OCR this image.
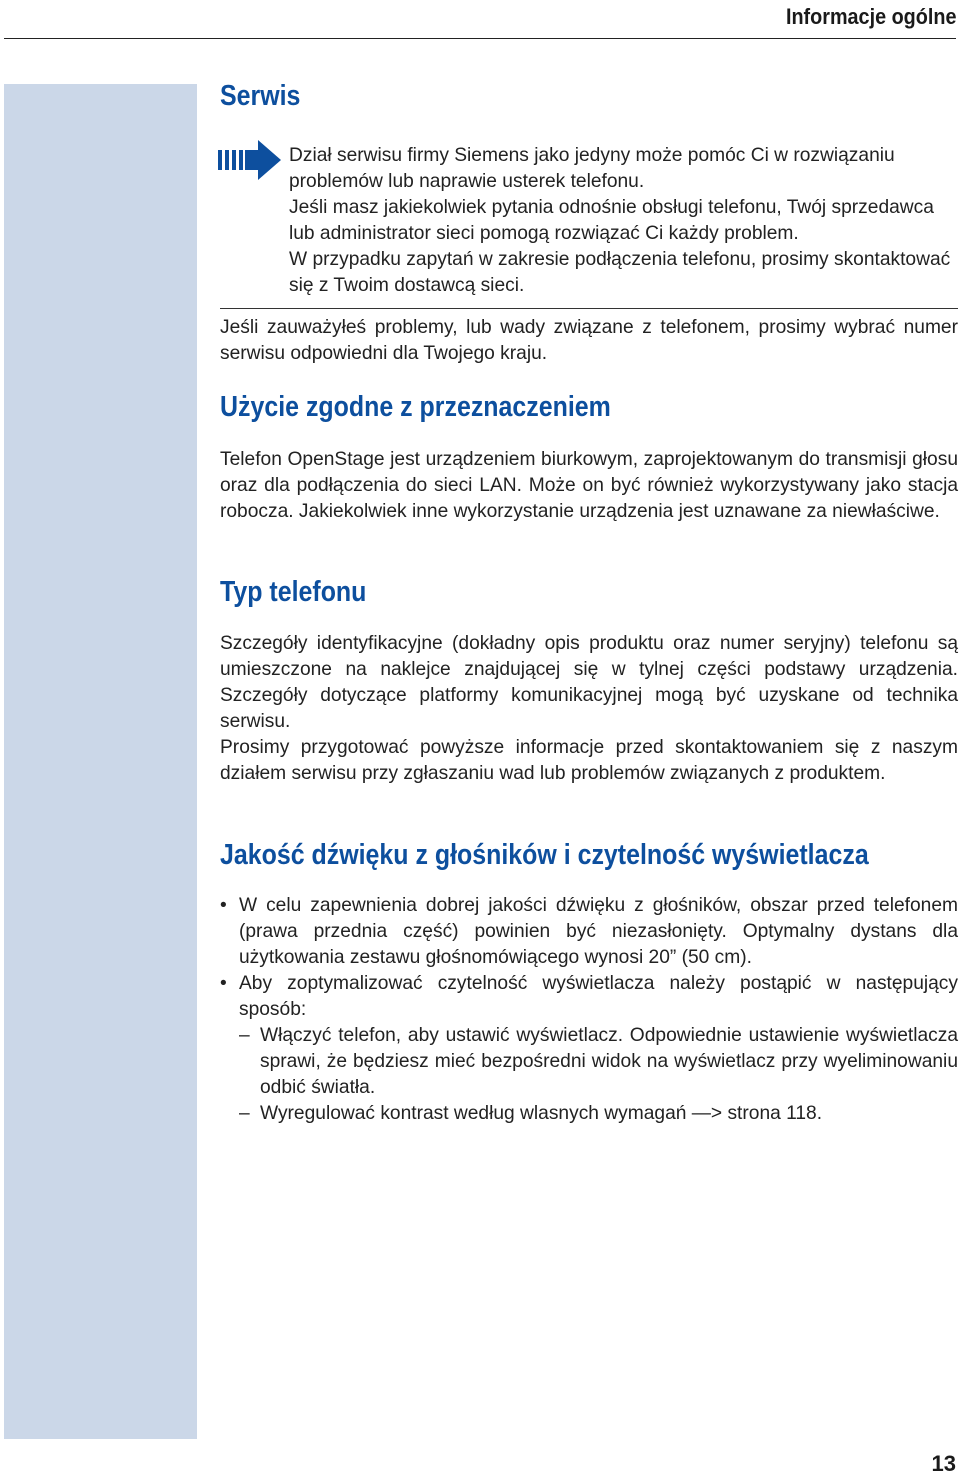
Informacje ogólne
Serwis

Dział serwisu firmy Siemens jako jedyny może pomóc Ci w rozwiązaniu problemów lub naprawie usterek telefonu.
Jeśli masz jakiekolwiek pytania odnośnie obsługi telefonu, Twój sprzedawca lub administrator sieci pomogą rozwiązać Ci każdy problem.
W przypadku zapytań w zakresie podłączenia telefonu, prosimy skontaktować się z Twoim dostawcą sieci.

Jeśli zauważyłeś problemy, lub wady związane z telefonem, prosimy wybrać numer serwisu odpowiedni dla Twojego kraju.

Użycie zgodne z przeznaczeniem

Telefon OpenStage jest urządzeniem biurkowym, zaprojektowanym do transmisji głosu oraz dla podłączenia do sieci LAN. Może on być również wykorzystywany jako stacja robocza. Jakiekolwiek inne wykorzystanie urządzenia jest uznawane za niewłaściwe.

Typ telefonu

Szczegóły identyfikacyjne (dokładny opis produktu oraz numer seryjny) telefonu są umieszczone na naklejce znajdującej się w tylnej części podstawy urządzenia. Szczegóły dotyczące platformy komunikacyjnej mogą być uzyskane od technika serwisu.

Prosimy przygotować powyższe informacje przed skontaktowaniem się z naszym działem serwisu przy zgłaszaniu wad lub problemów związanych z produktem.

Jakość dźwięku z głośników i czytelność wyświetlacza
• W celu zapewnienia dobrej jakości dźwięku z głośników, obszar przed telefonem (prawa przednia część) powinien być niezasłonięty. Optymalny dystans dla użytkowania zestawu głośnomówiącego wynosi 20” (50 cm).
• Aby zoptymalizować czytelność wyświetlacza należy postąpić w następujący sposób:
– Włączyć telefon, aby ustawić wyświetlacz. Odpowiednie ustawienie wyświetlacza sprawi, że będziesz mieć bezpośredni widok na wyświetlacz przy wyeliminowaniu odbić światła.
– Wyregulować kontrast według wlasnych wymagań —> strona 118.
13
